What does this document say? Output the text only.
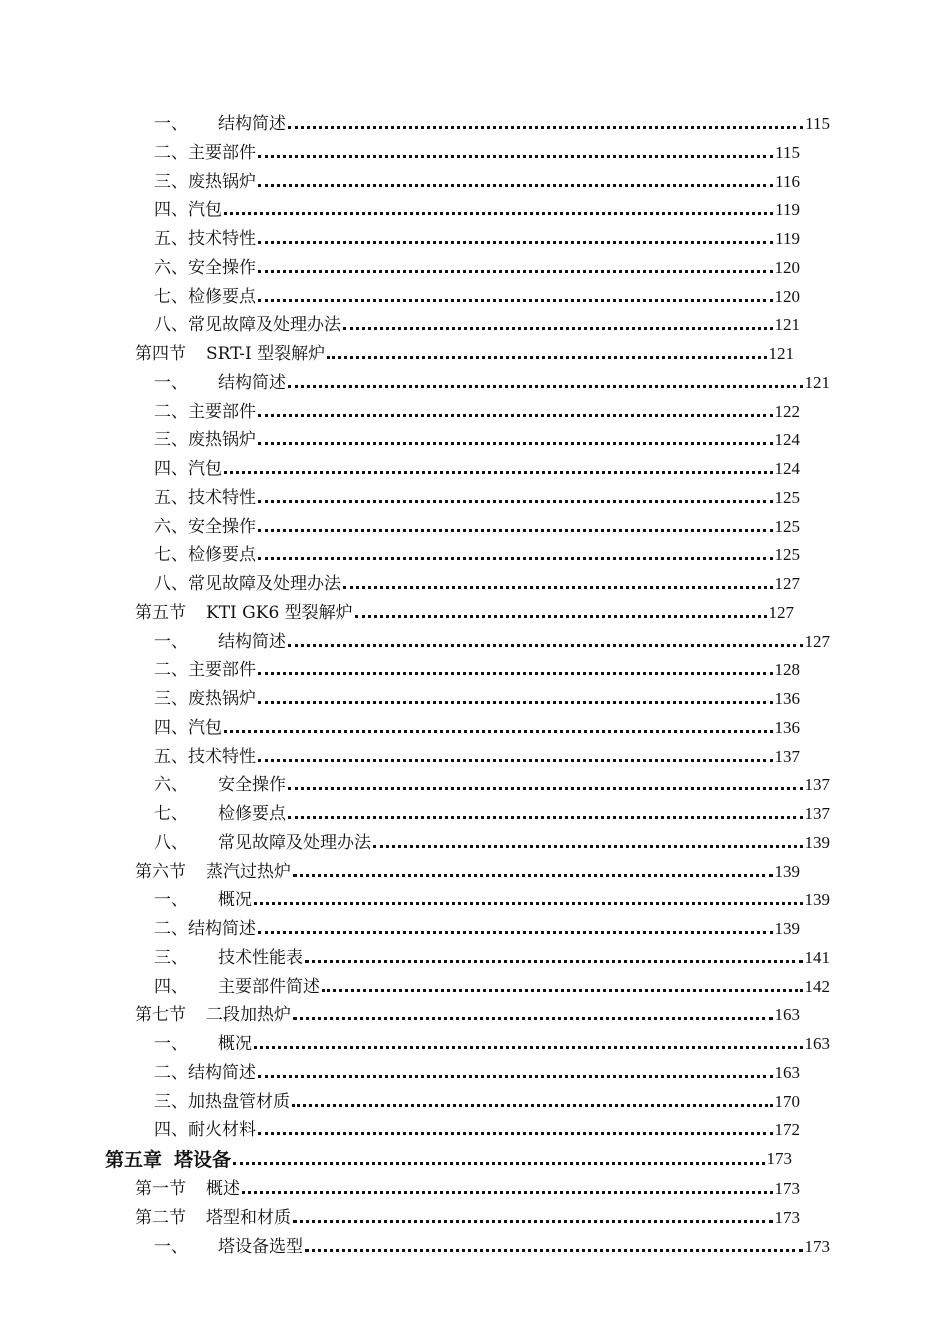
一、 结构简述	115
二、主要部件	115
三、废热锅炉	116
四、汽包	119
五、技术特性	119
六、安全操作	120
七、检修要点	120
八、常见故障及处理办法	121
第四节 SRT-I 型裂解炉	121
一、 结构简述	121
二、主要部件	122
三、废热锅炉	124
四、汽包	124
五、技术特性	125
六、安全操作	125
七、检修要点	125
八、常见故障及处理办法	127
第五节 KTI GK6 型裂解炉	127
一、 结构简述	127
二、主要部件	128
三、废热锅炉	136
四、汽包	136
五、技术特性	137
六、 安全操作	137
七、 检修要点	137
八、 常见故障及处理办法	139
第六节 蒸汽过热炉	139
一、 概况	139
二、结构简述	139
三、 技术性能表	141
四、 主要部件简述	142
第七节 二段加热炉	163
一、 概况	163
二、结构简述	163
三、加热盘管材质	170
四、耐火材料	172
第五章 塔设备	173
第一节 概述	173
第二节 塔型和材质	173
一、 塔设备选型	173
